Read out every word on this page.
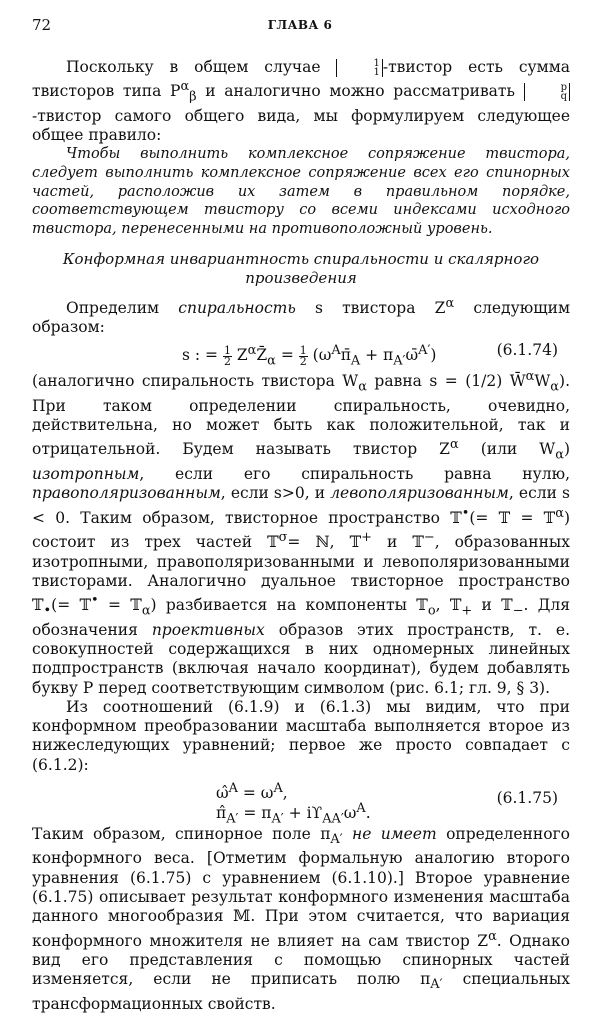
72	ГЛАВА 6

Поскольку в общем случае	1
1 -твистор есть сумма твисторов типа $P^\alpha_\beta$ и аналогично можно рассматривать	p
q
-твистор самого общего вида, мы формулируем следующее общее правило:

Чтобы выполнить комплексное сопряжение твистора, следует выполнить комплексное сопряжение всех его спинорных частей, расположив их затем в правильном порядке, соответствующем твистору со всеми индексами исходного твистора, перенесенными на противоположный уровень.

Конформная инвариантность спиральности и скалярного
произведения

Определим спиральность s твистора $Z^\alpha$ следующим образом:

s : = $\frac{1}{2}$ $Z^\alpha Z̄_\alpha = \frac{1}{2}$ ($\omega^A\pī_A$ + $\pi_{A'}\omegā^{A'}$)	(6.1.74)

(аналогично спиральность твистора $W_\alpha$ равна s = (1/2) $W̄^\alpha W_\alpha$). При таком определении спиральность, очевидно, действительна, но может быть как положительной, так и отрицательной. Будем называть твистор $Z^\alpha$ (или $W_\alpha$) изотропным, если его спиральность равна нулю, правополяризованным, если s>0, и левополяризованным, если s < 0. Таким образом, твисторное пространство 𝕋•(= 𝕋 = 𝕋$^\alpha$) состоит из трех частей 𝕋$^\sigma$= ℕ, 𝕋+ и 𝕋−, образованных изотропными, правополяризованными и левополяризованными твисторами. Аналогично дуальное твисторное пространство 𝕋$_•$(= 𝕋• = 𝕋$_\alpha$) разбивается на компоненты 𝕋$_o$, 𝕋$_+$ и 𝕋$_-$. Для обозначения проективных образов этих пространств, т. е. совокупностей содержащихся в них одномерных линейных подпространств (включая начало координат), будем добавлять букву P перед соответствующим символом (рис. 6.1; гл. 9, § 3).

Из соотношений (6.1.9) и (6.1.3) мы видим, что при конформном преобразовании масштаба выполняется второе из нижеследующих уравнений; первое же просто совпадает с (6.1.2):

ω̂$^A$ = $\omega^A$,
$\pî_{A'} = \pi_{A'} + iϒ_{AA'}\omega^A$.
(6.1.75)

Таким образом, спинорное поле $\pi_{A'}$ не имеет определенного конформного веса. [Отметим формальную аналогию второго уравнения (6.1.75) с уравнением (6.1.10).] Второе уравнение (6.1.75) описывает результат конформного изменения масштаба данного многообразия 𝕄. При этом считается, что вариация конформного множителя не влияет на сам твистор $Z^\alpha$. Однако вид его представления с помощью спинорных частей изменяется, если не приписать полю $\pi_{A'}$ специальных трансформационных свойств.
